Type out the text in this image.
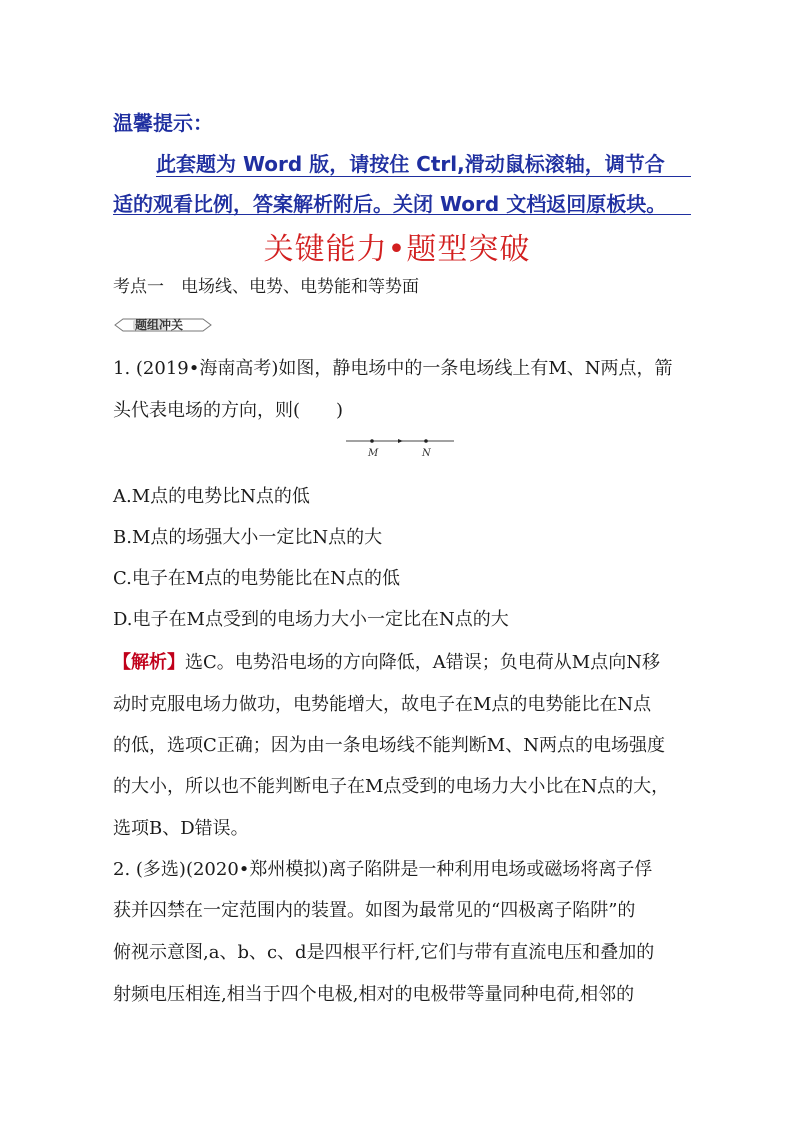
温馨提示：
此套题为 Word 版，请按住 Ctrl,滑动鼠标滚轴，调节合
适的观看比例，答案解析附后。关闭 Word 文档返回原板块。
关键能力•题型突破
考点一　电场线、电势、电势能和等势面
题组冲关
1. (2019•海南高考)如图，静电场中的一条电场线上有M、N两点，箭
头代表电场的方向，则(　　)
M	N
A.M点的电势比N点的低
B.M点的场强大小一定比N点的大
C.电子在M点的电势能比在N点的低
D.电子在M点受到的电场力大小一定比在N点的大
【解析】选C。电势沿电场的方向降低，A错误；负电荷从M点向N移
动时克服电场力做功，电势能增大，故电子在M点的电势能比在N点
的低，选项C正确；因为由一条电场线不能判断M、N两点的电场强度
的大小，所以也不能判断电子在M点受到的电场力大小比在N点的大，
选项B、D错误。
2. (多选)(2020•郑州模拟)离子陷阱是一种利用电场或磁场将离子俘
获并囚禁在一定范围内的装置。如图为最常见的“四极离子陷阱”的
俯视示意图,a、b、c、d是四根平行杆,它们与带有直流电压和叠加的
射频电压相连,相当于四个电极,相对的电极带等量同种电荷,相邻的
